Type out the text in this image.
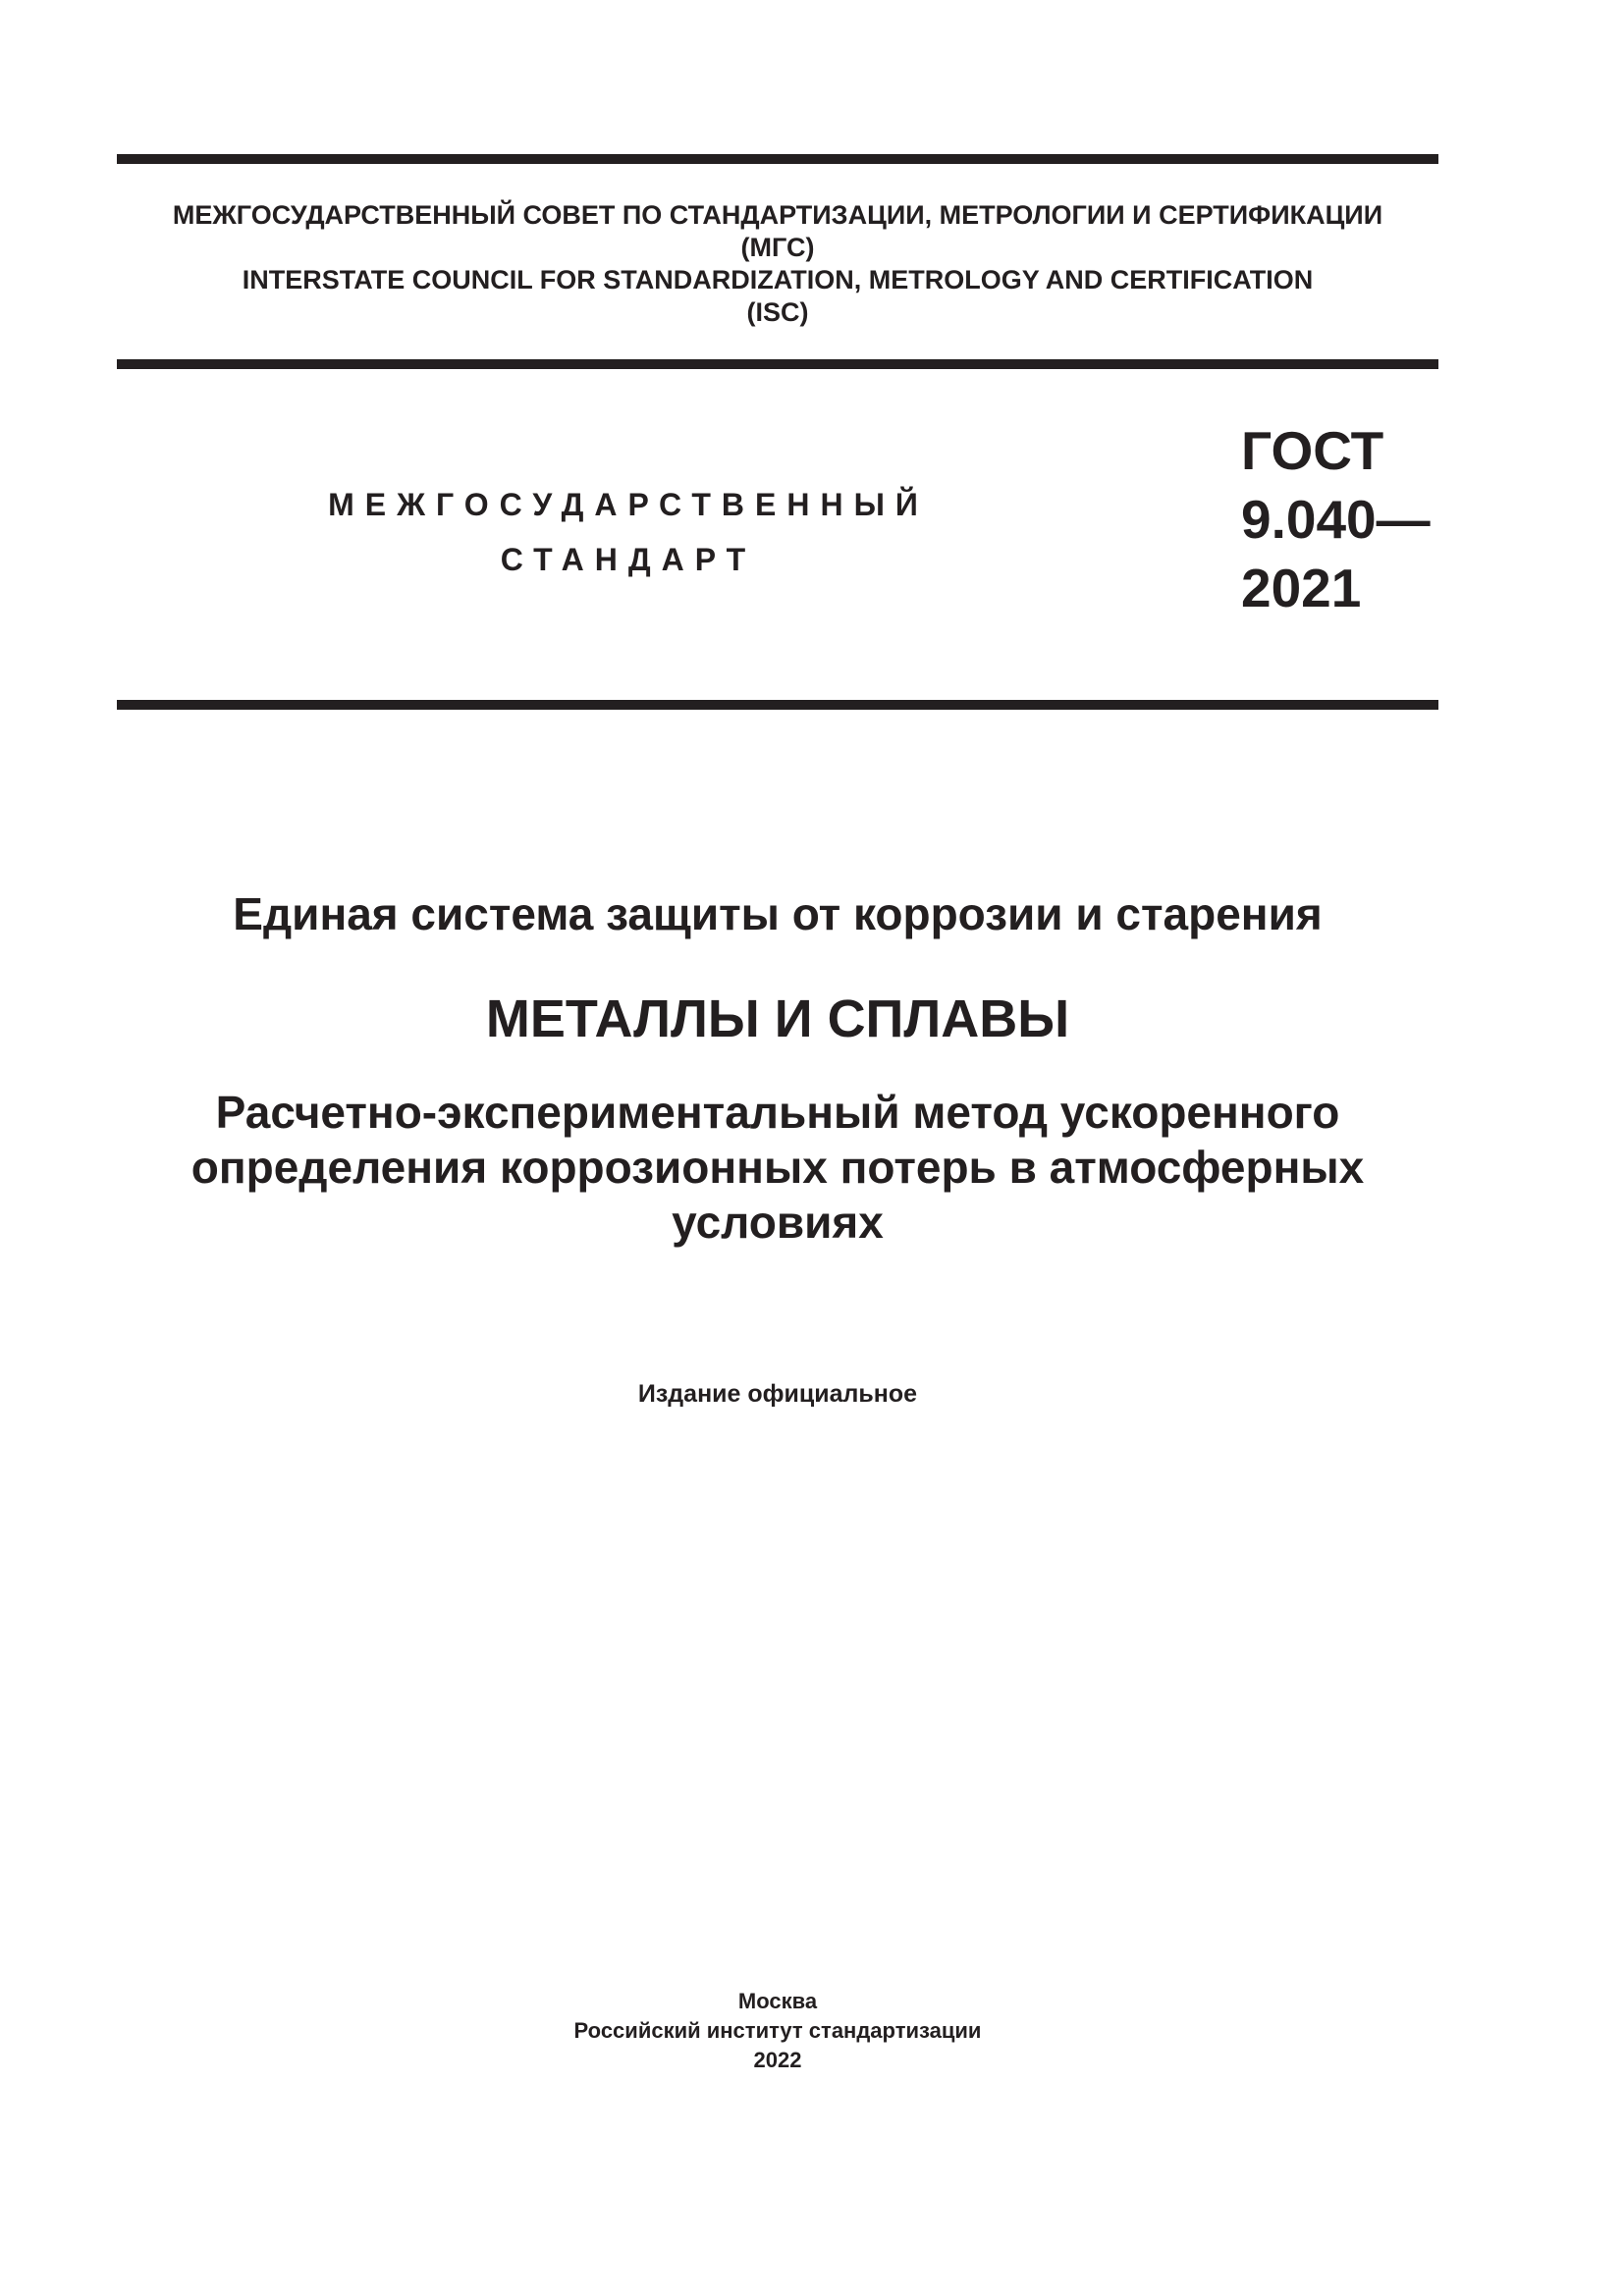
МЕЖГОСУДАРСТВЕННЫЙ СОВЕТ ПО СТАНДАРТИЗАЦИИ, МЕТРОЛОГИИ И СЕРТИФИКАЦИИ
(МГС)
INTERSTATE COUNCIL FOR STANDARDIZATION, METROLOGY AND CERTIFICATION
(ISC)
МЕЖГОСУДАРСТВЕННЫЙ
СТАНДАРТ
ГОСТ
9.040—
2021
Единая система защиты от коррозии и старения
МЕТАЛЛЫ И СПЛАВЫ
Расчетно-экспериментальный метод ускоренного
определения коррозионных потерь в атмосферных
условиях
Издание официальное
Москва
Российский институт стандартизации
2022
